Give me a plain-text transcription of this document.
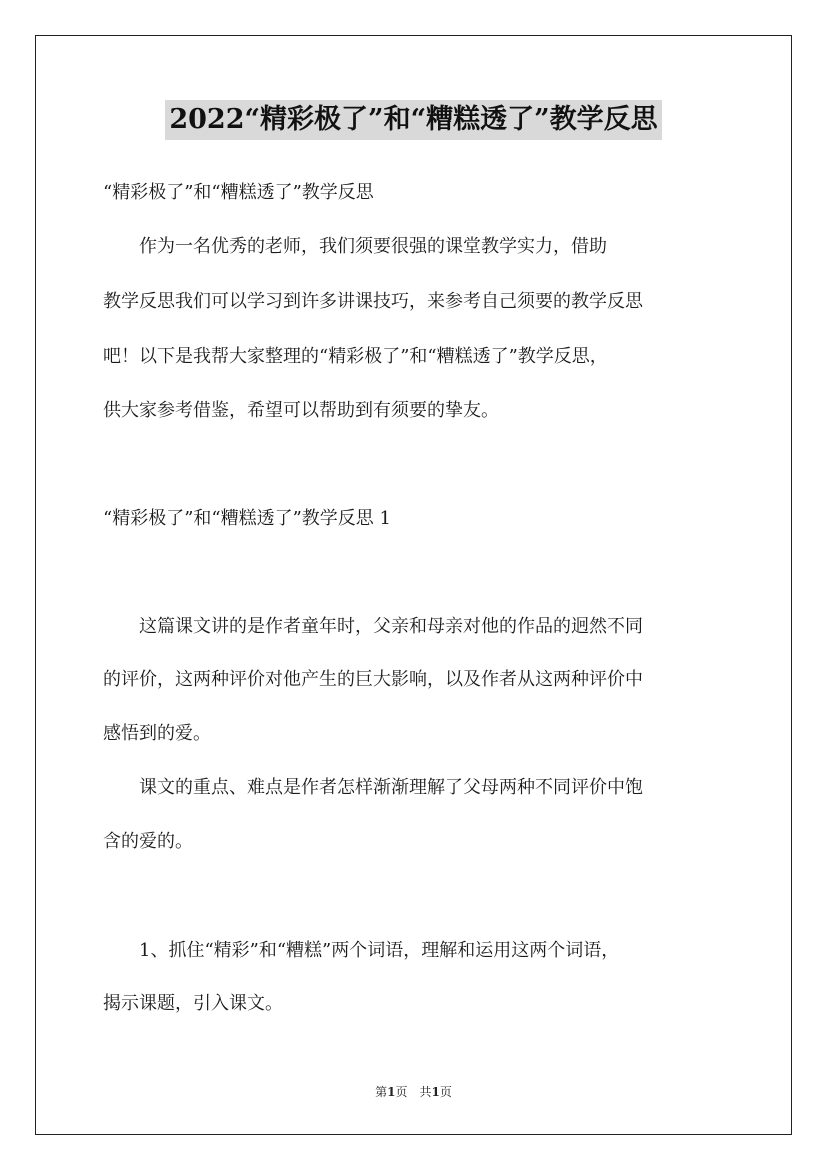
2022“精彩极了”和“糟糕透了”教学反思
“精彩极了”和“糟糕透了”教学反思
　　作为一名优秀的老师，我们须要很强的课堂教学实力，借助
教学反思我们可以学习到许多讲课技巧，来参考自己须要的教学反思
吧！以下是我帮大家整理的“精彩极了”和“糟糕透了”教学反思，
供大家参考借鉴，希望可以帮助到有须要的挚友。
“精彩极了”和“糟糕透了”教学反思 1
　　这篇课文讲的是作者童年时，父亲和母亲对他的作品的迥然不同
的评价，这两种评价对他产生的巨大影响，以及作者从这两种评价中
感悟到的爱。
　　课文的重点、难点是作者怎样渐渐理解了父母两种不同评价中饱
含的爱的。
　　1、抓住“精彩”和“糟糕”两个词语，理解和运用这两个词语，
揭示课题，引入课文。
第1页　共1页
